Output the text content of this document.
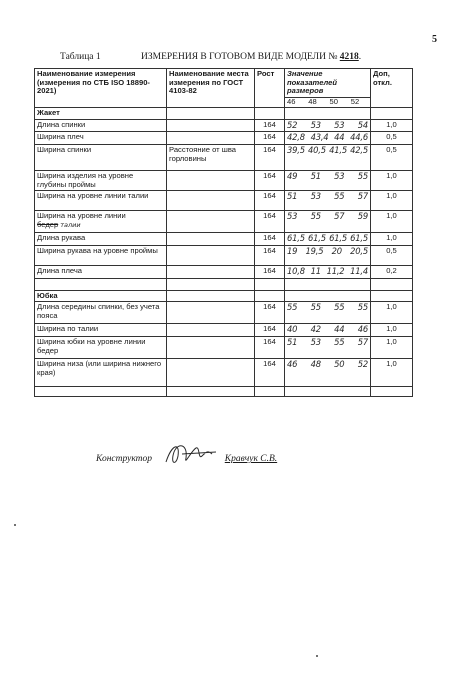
5
Таблица 1	ИЗМЕРЕНИЯ В ГОТОВОМ ВИДЕ МОДЕЛИ № 4218.
Наименование измерения (измерения по СТБ ISO 18890-2021)	Наименование места измерения по ГОСТ 4103-82	Рост	Значение показателей размеров	Доп, откл.

			46 48 50 52	

Жакет				
Длина спинки		164	52 53 53 54	1,0
Ширина плеч		164	42,8 43,4 44 44,6	0,5
Ширина спинки	Расстояние от шва горловины	164	39,5 40,5 41,5 42,5	0,5
Ширина изделия на уровне глубины проймы		164	49 51 53 55	1,0
Ширина на уровне линии талии		164	51 53 55 57	1,0
Ширина на уровне линии бедер талии		164	53 55 57 59	1,0
Длина рукава		164	61,5 61,5 61,5 61,5	1,0
Ширина рукава на уровне проймы		164	19 19,5 20 20,5	0,5
Длина плеча		164	10,8 11 11,2 11,4	0,2

Юбка				
Длина середины спинки, без учета пояса		164	55 55 55 55	1,0
Ширина по талии		164	40 42 44 46	1,0
Ширина юбки на уровне линии бедер		164	51 53 55 57	1,0
Ширина низа (или ширина нижнего края)		164	46 48 50 52	1,0

Конструктор	Кравчук С.В.
